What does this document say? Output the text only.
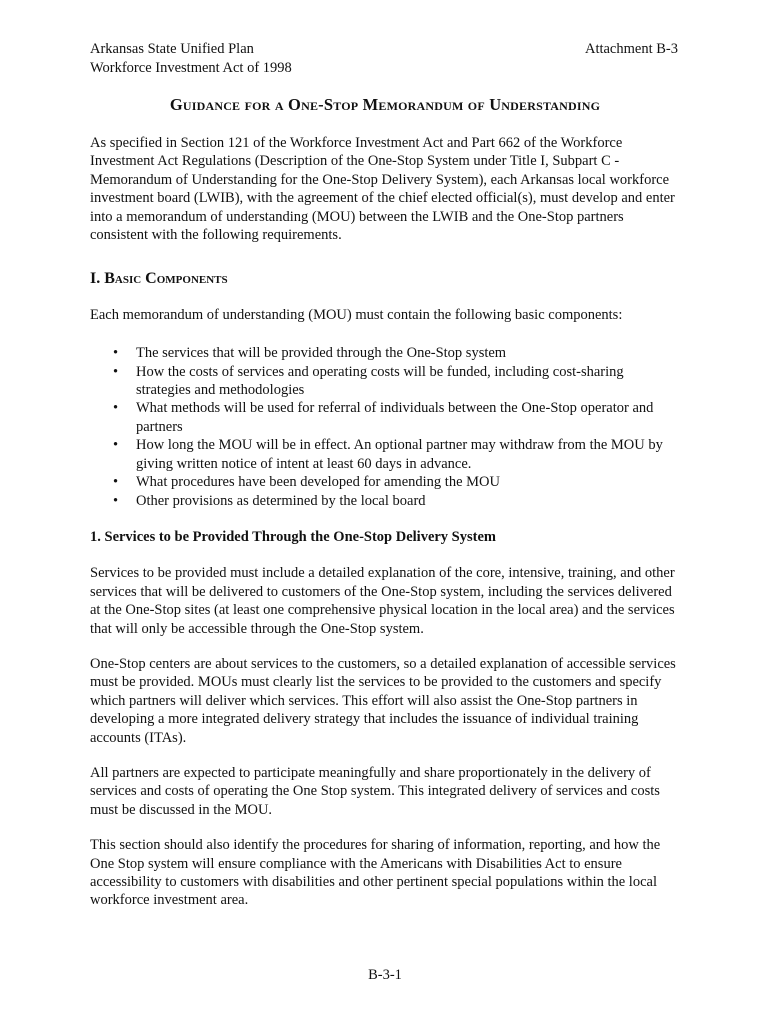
Arkansas State Unified Plan
Workforce Investment Act of 1998
Attachment B-3
Guidance for a One-Stop Memorandum of Understanding

As specified in Section 121 of the Workforce Investment Act and Part 662 of the Workforce Investment Act Regulations (Description of the One-Stop System under Title I, Subpart C - Memorandum of Understanding for the One-Stop Delivery System), each Arkansas local workforce investment board (LWIB), with the agreement of the chief elected official(s), must develop and enter into a memorandum of understanding (MOU) between the LWIB and the One-Stop partners consistent with the following requirements.

I. Basic Components

Each memorandum of understanding (MOU) must contain the following basic components:

• The services that will be provided through the One-Stop system
• How the costs of services and operating costs will be funded, including cost-sharing strategies and methodologies
• What methods will be used for referral of individuals between the One-Stop operator and partners
• How long the MOU will be in effect. An optional partner may withdraw from the MOU by giving written notice of intent at least 60 days in advance.
• What procedures have been developed for amending the MOU
• Other provisions as determined by the local board
1. Services to be Provided Through the One-Stop Delivery System

Services to be provided must include a detailed explanation of the core, intensive, training, and other services that will be delivered to customers of the One-Stop system, including the services delivered at the One-Stop sites (at least one comprehensive physical location in the local area) and the services that will only be accessible through the One-Stop system.

One-Stop centers are about services to the customers, so a detailed explanation of accessible services must be provided. MOUs must clearly list the services to be provided to the customers and specify which partners will deliver which services. This effort will also assist the One-Stop partners in developing a more integrated delivery strategy that includes the issuance of individual training accounts (ITAs).

All partners are expected to participate meaningfully and share proportionately in the delivery of services and costs of operating the One Stop system. This integrated delivery of services and costs must be discussed in the MOU.

This section should also identify the procedures for sharing of information, reporting, and how the One Stop system will ensure compliance with the Americans with Disabilities Act to ensure accessibility to customers with disabilities and other pertinent special populations within the local workforce investment area.

B-3-1
